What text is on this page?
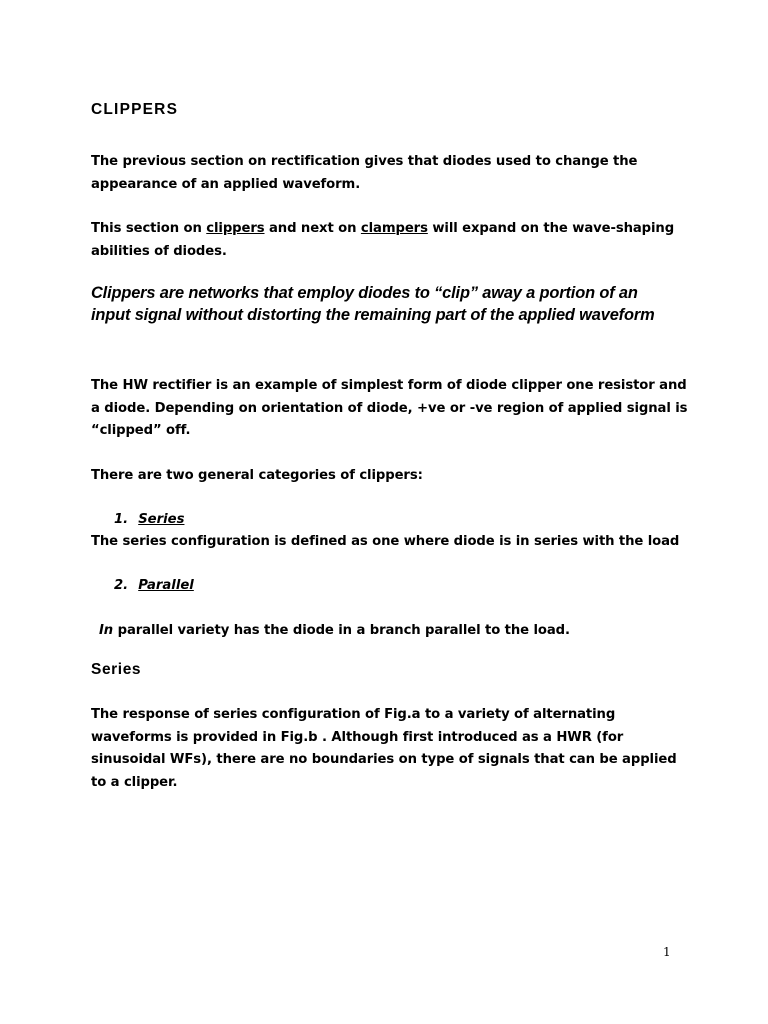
CLIPPERS

The previous section on rectification gives that diodes used to change the appearance of an applied waveform.

This section on clippers and next on clampers will expand on the wave-shaping abilities of diodes.

Clippers are networks that employ diodes to “clip” away a portion of an input signal without distorting the remaining part of the applied waveform

The HW rectifier is an example of simplest form of diode clipper one resistor and a diode. Depending on orientation of diode, +ve or -ve region of applied signal is “clipped” off.

There are two general categories of clippers:

1. Series

The series configuration is defined as one where diode is in series with the load

2. Parallel

In parallel variety has the diode in a branch parallel to the load.

Series

The response of series configuration of Fig.a to a variety of alternating waveforms is provided in Fig.b . Although first introduced as a HWR (for sinusoidal WFs), there are no boundaries on type of signals that can be applied to a clipper.

1
